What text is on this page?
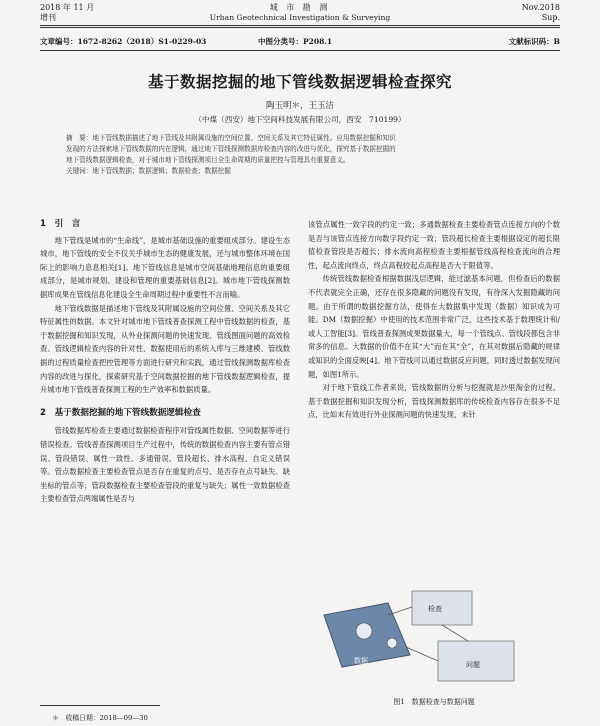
2018 年 11 月
增刊
城 市 勘 测
Urban Geotechnical Investigation & Surveying
Nov.2018
Sup.
文章编号：1672-8262（2018）S1-0229-03	中图分类号：P208.1	文献标识码：B
基于数据挖掘的地下管线数据逻辑检查探究
陶玉明＊，王玉洁
（中煤（西安）地下空间科技发展有限公司，西安　710199）
摘　要：地下管线数据描述了地下管线及其附属设施的空间位置、空间关系及其它特征属性。应用数据挖掘和知识
发现的方法探索地下管线数据的内在逻辑，通过地下管线探测数据库检查内容的改进与优化，探究基于数据挖掘的
地下管线数据逻辑检查，对于城市地下管线探测项目全生命周期的质量把控与管理具有重要意义。
关键词：地下管线数据；数据逻辑；数据检查；数据挖掘

1　引　言

地下管线是城市的“生命线”，是城市基础设施的重要组成部分。建设生态城市，地下管线的安全不仅关乎城市生态的健康发展，还与城市整体环境在国际上的影响力息息相关[1]。地下管线信息是城市空间基础地理信息的重要组成部分，是城市规划、建设和管理的重要基础信息[2]。城市地下管线探测数据库成果在管线信息化建设全生命周期过程中重要性不言而喻。

地下管线数据是描述地下管线及其附属设施的空间位置、空间关系及其它特征属性的数据。本文针对城市地下管线普查探测工程中管线数据的检查，基于数据挖掘和知识发现，从外业探测问题的快速发现、管线图面问题的高效检查、管线逻辑检查内容的针对性、数据使用后的系统入库与三维建模、管线数据的过程质量检查把控管理等方面进行研究和实践，通过管线探测数据库检查内容的改进与探化，探索研究基于空间数据挖掘的地下管线数据逻辑检查，提升城市地下管线普查探测工程的生产效率和数据质量。

2　基于数据挖掘的地下管线数据逻辑检查

管线数据库检查主要通过数据检查程序对管线属性数据、空间数据等进行错误检查。管线普查探测项目生产过程中，传统的数据检查内容主要有管点错误、管段错误、属性一致性、多通错误、管段超长、排水高程、自定义错误等。管点数据检查主要检查管点是否存在重复的点号、是否存在点号缺失、缺坐标的管点等；管段数据检查主要检查管段的重复与缺失；属性一致数据检查主要检查管点两端属性是否与

该管点属性一致字段的约定一致；多通数据检查主要检查管点连接方向的个数是否与该管点连接方向数字段约定一致；管段超长检查主要根据设定的超长限值检查管段是否超长；排水流向高程检查主要根据管线高程检查流向的合理性，起点流向终点，终点高程较起点高程是否大于限值等。

传统管线数据检查根据数据浅层逻辑，能过滤基本问题，但检查后的数据不代表就完全正确，还存在很多隐藏的问题没有发现，有待深入发掘隐藏的问题。由于所谓的数据挖掘方法，使得在大数据集中发现（数据）知识成为可能。DM（数据挖掘）中使用的技术范围非常广泛，这些技术基于数理统计和/或人工智能[3]。管线普查探测成果数据量大，每一个管线点、管线段都包含非常多的信息。大数据的价值不在其“大”而在其“全”，在其对数据后隐藏的规律或知识的全面反映[4]。地下管线可以通过数据反应问题，同时透过数据发现问题，如图1所示。

对于地下管线工作者来说，管线数据的分析与挖掘就是沙里淘金的过程。基于数据挖掘和知识发现分析，管线探测数据库的传统检查内容存在很多不足点，比如未有效进行外业探测问题的快速发现，未针

检查
数据	问题
图1　数据检查与数据问题
＊　收稿日期：2018—09—30
